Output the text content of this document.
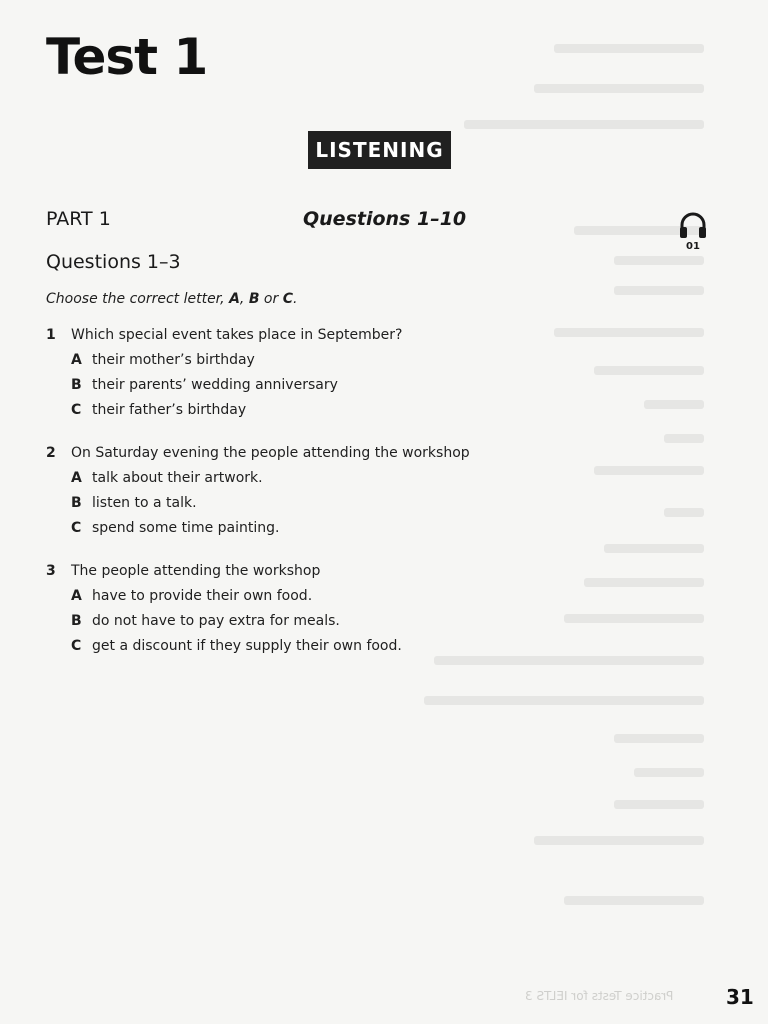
Test 1
LISTENING
PART 1	Questions 1–10
01
Questions 1–3
Choose the correct letter, A, B or C.
1	Which special event takes place in September?
A their mother’s birthday
B their parents’ wedding anniversary
C their father’s birthday
2	On Saturday evening the people attending the workshop
A talk about their artwork.
B listen to a talk.
C spend some time painting.
3	The people attending the workshop
A have to provide their own food.
B do not have to pay extra for meals.
C get a discount if they supply their own food.
Practice Tests for IELTS 3	31
